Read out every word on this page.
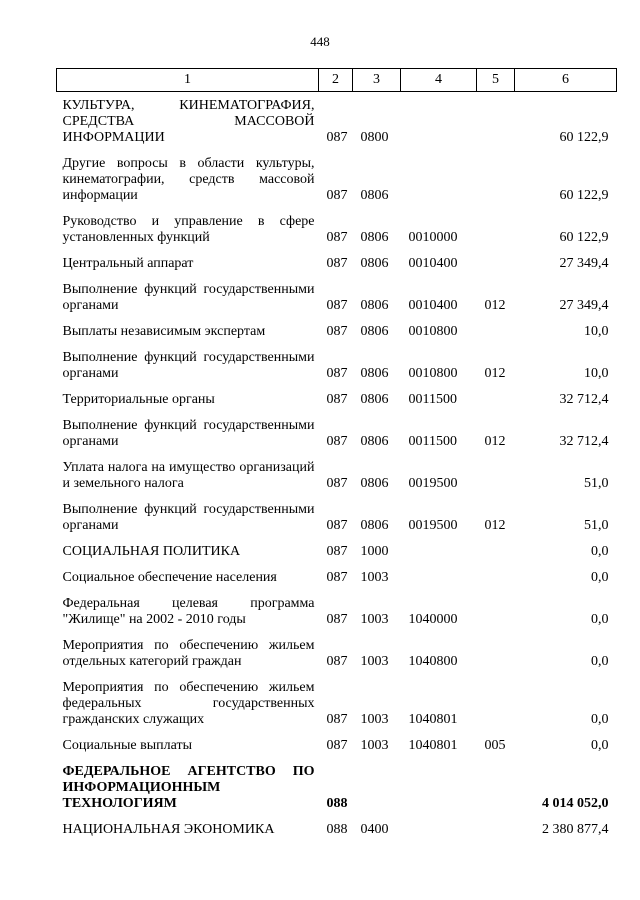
448
1	2	3	4	5	6
КУЛЬТУРА, КИНЕМАТОГРАФИЯ, СРЕДСТВА МАССОВОЙ ИНФОРМАЦИИ	087	0800			60 122,9
Другие вопросы в области культуры, кинематографии, средств массовой информации	087	0806			60 122,9
Руководство и управление в сфере установленных функций	087	0806	0010000		60 122,9
Центральный аппарат	087	0806	0010400		27 349,4
Выполнение функций государственными органами	087	0806	0010400	012	27 349,4
Выплаты независимым экспертам	087	0806	0010800		10,0
Выполнение функций государственными органами	087	0806	0010800	012	10,0
Территориальные органы	087	0806	0011500		32 712,4
Выполнение функций государственными органами	087	0806	0011500	012	32 712,4
Уплата налога на имущество организаций и земельного налога	087	0806	0019500		51,0
Выполнение функций государственными органами	087	0806	0019500	012	51,0
СОЦИАЛЬНАЯ ПОЛИТИКА	087	1000			0,0
Социальное обеспечение населения	087	1003			0,0
Федеральная целевая программа "Жилище" на 2002 - 2010 годы	087	1003	1040000		0,0
Мероприятия по обеспечению жильем отдельных категорий граждан	087	1003	1040800		0,0
Мероприятия по обеспечению жильем федеральных государственных гражданских служащих	087	1003	1040801		0,0
Социальные выплаты	087	1003	1040801	005	0,0
ФЕДЕРАЛЬНОЕ АГЕНТСТВО ПО ИНФОРМАЦИОННЫМ ТЕХНОЛОГИЯМ	088				4 014 052,0
НАЦИОНАЛЬНАЯ ЭКОНОМИКА	088	0400			2 380 877,4
